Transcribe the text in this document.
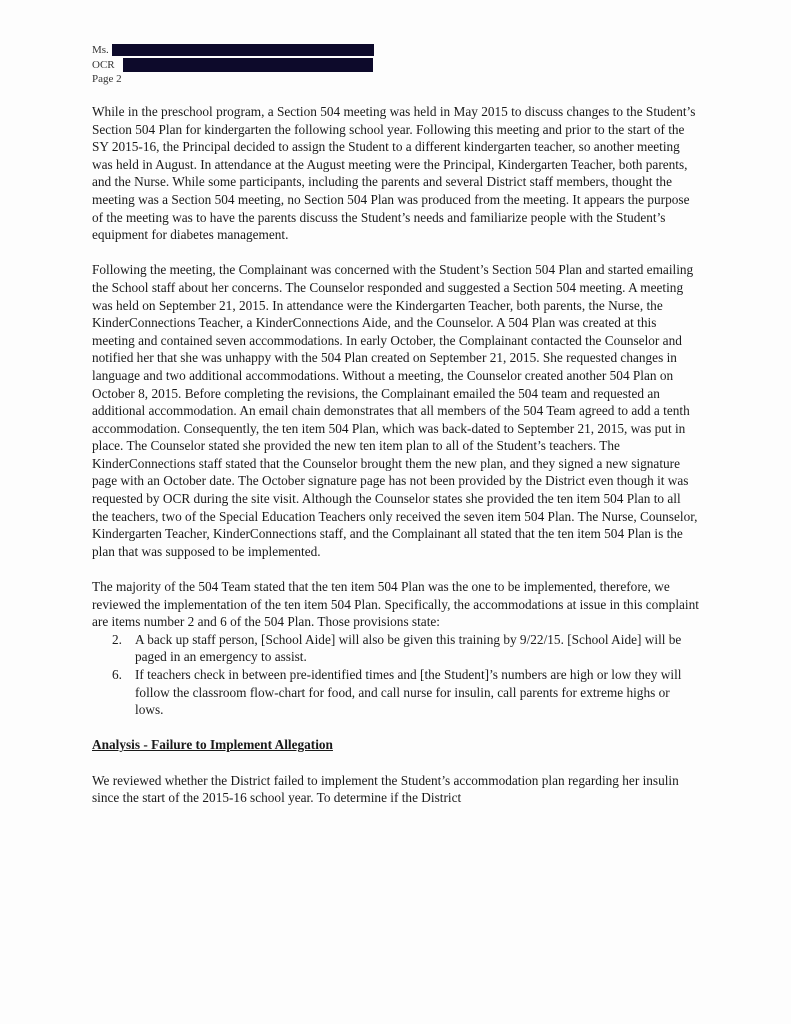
Ms.
OCR
Page 2

While in the preschool program, a Section 504 meeting was held in May 2015 to discuss changes to the Student’s Section 504 Plan for kindergarten the following school year. Following this meeting and prior to the start of the SY 2015-16, the Principal decided to assign the Student to a different kindergarten teacher, so another meeting was held in August. In attendance at the August meeting were the Principal, Kindergarten Teacher, both parents, and the Nurse. While some participants, including the parents and several District staff members, thought the meeting was a Section 504 meeting, no Section 504 Plan was produced from the meeting. It appears the purpose of the meeting was to have the parents discuss the Student’s needs and familiarize people with the Student’s equipment for diabetes management.

Following the meeting, the Complainant was concerned with the Student’s Section 504 Plan and started emailing the School staff about her concerns. The Counselor responded and suggested a Section 504 meeting. A meeting was held on September 21, 2015. In attendance were the Kindergarten Teacher, both parents, the Nurse, the KinderConnections Teacher, a KinderConnections Aide, and the Counselor. A 504 Plan was created at this meeting and contained seven accommodations. In early October, the Complainant contacted the Counselor and notified her that she was unhappy with the 504 Plan created on September 21, 2015. She requested changes in language and two additional accommodations. Without a meeting, the Counselor created another 504 Plan on October 8, 2015. Before completing the revisions, the Complainant emailed the 504 team and requested an additional accommodation. An email chain demonstrates that all members of the 504 Team agreed to add a tenth accommodation. Consequently, the ten item 504 Plan, which was back-dated to September 21, 2015, was put in place. The Counselor stated she provided the new ten item plan to all of the Student’s teachers. The KinderConnections staff stated that the Counselor brought them the new plan, and they signed a new signature page with an October date. The October signature page has not been provided by the District even though it was requested by OCR during the site visit. Although the Counselor states she provided the ten item 504 Plan to all the teachers, two of the Special Education Teachers only received the seven item 504 Plan. The Nurse, Counselor, Kindergarten Teacher, KinderConnections staff, and the Complainant all stated that the ten item 504 Plan is the plan that was supposed to be implemented.

The majority of the 504 Team stated that the ten item 504 Plan was the one to be implemented, therefore, we reviewed the implementation of the ten item 504 Plan. Specifically, the accommodations at issue in this complaint are items number 2 and 6 of the 504 Plan. Those provisions state:

2. A back up staff person, [School Aide] will also be given this training by 9/22/15. [School Aide] will be paged in an emergency to assist.
6. If teachers check in between pre-identified times and [the Student]’s numbers are high or low they will follow the classroom flow-chart for food, and call nurse for insulin, call parents for extreme highs or lows.

Analysis - Failure to Implement Allegation

We reviewed whether the District failed to implement the Student’s accommodation plan regarding her insulin since the start of the 2015-16 school year. To determine if the District
